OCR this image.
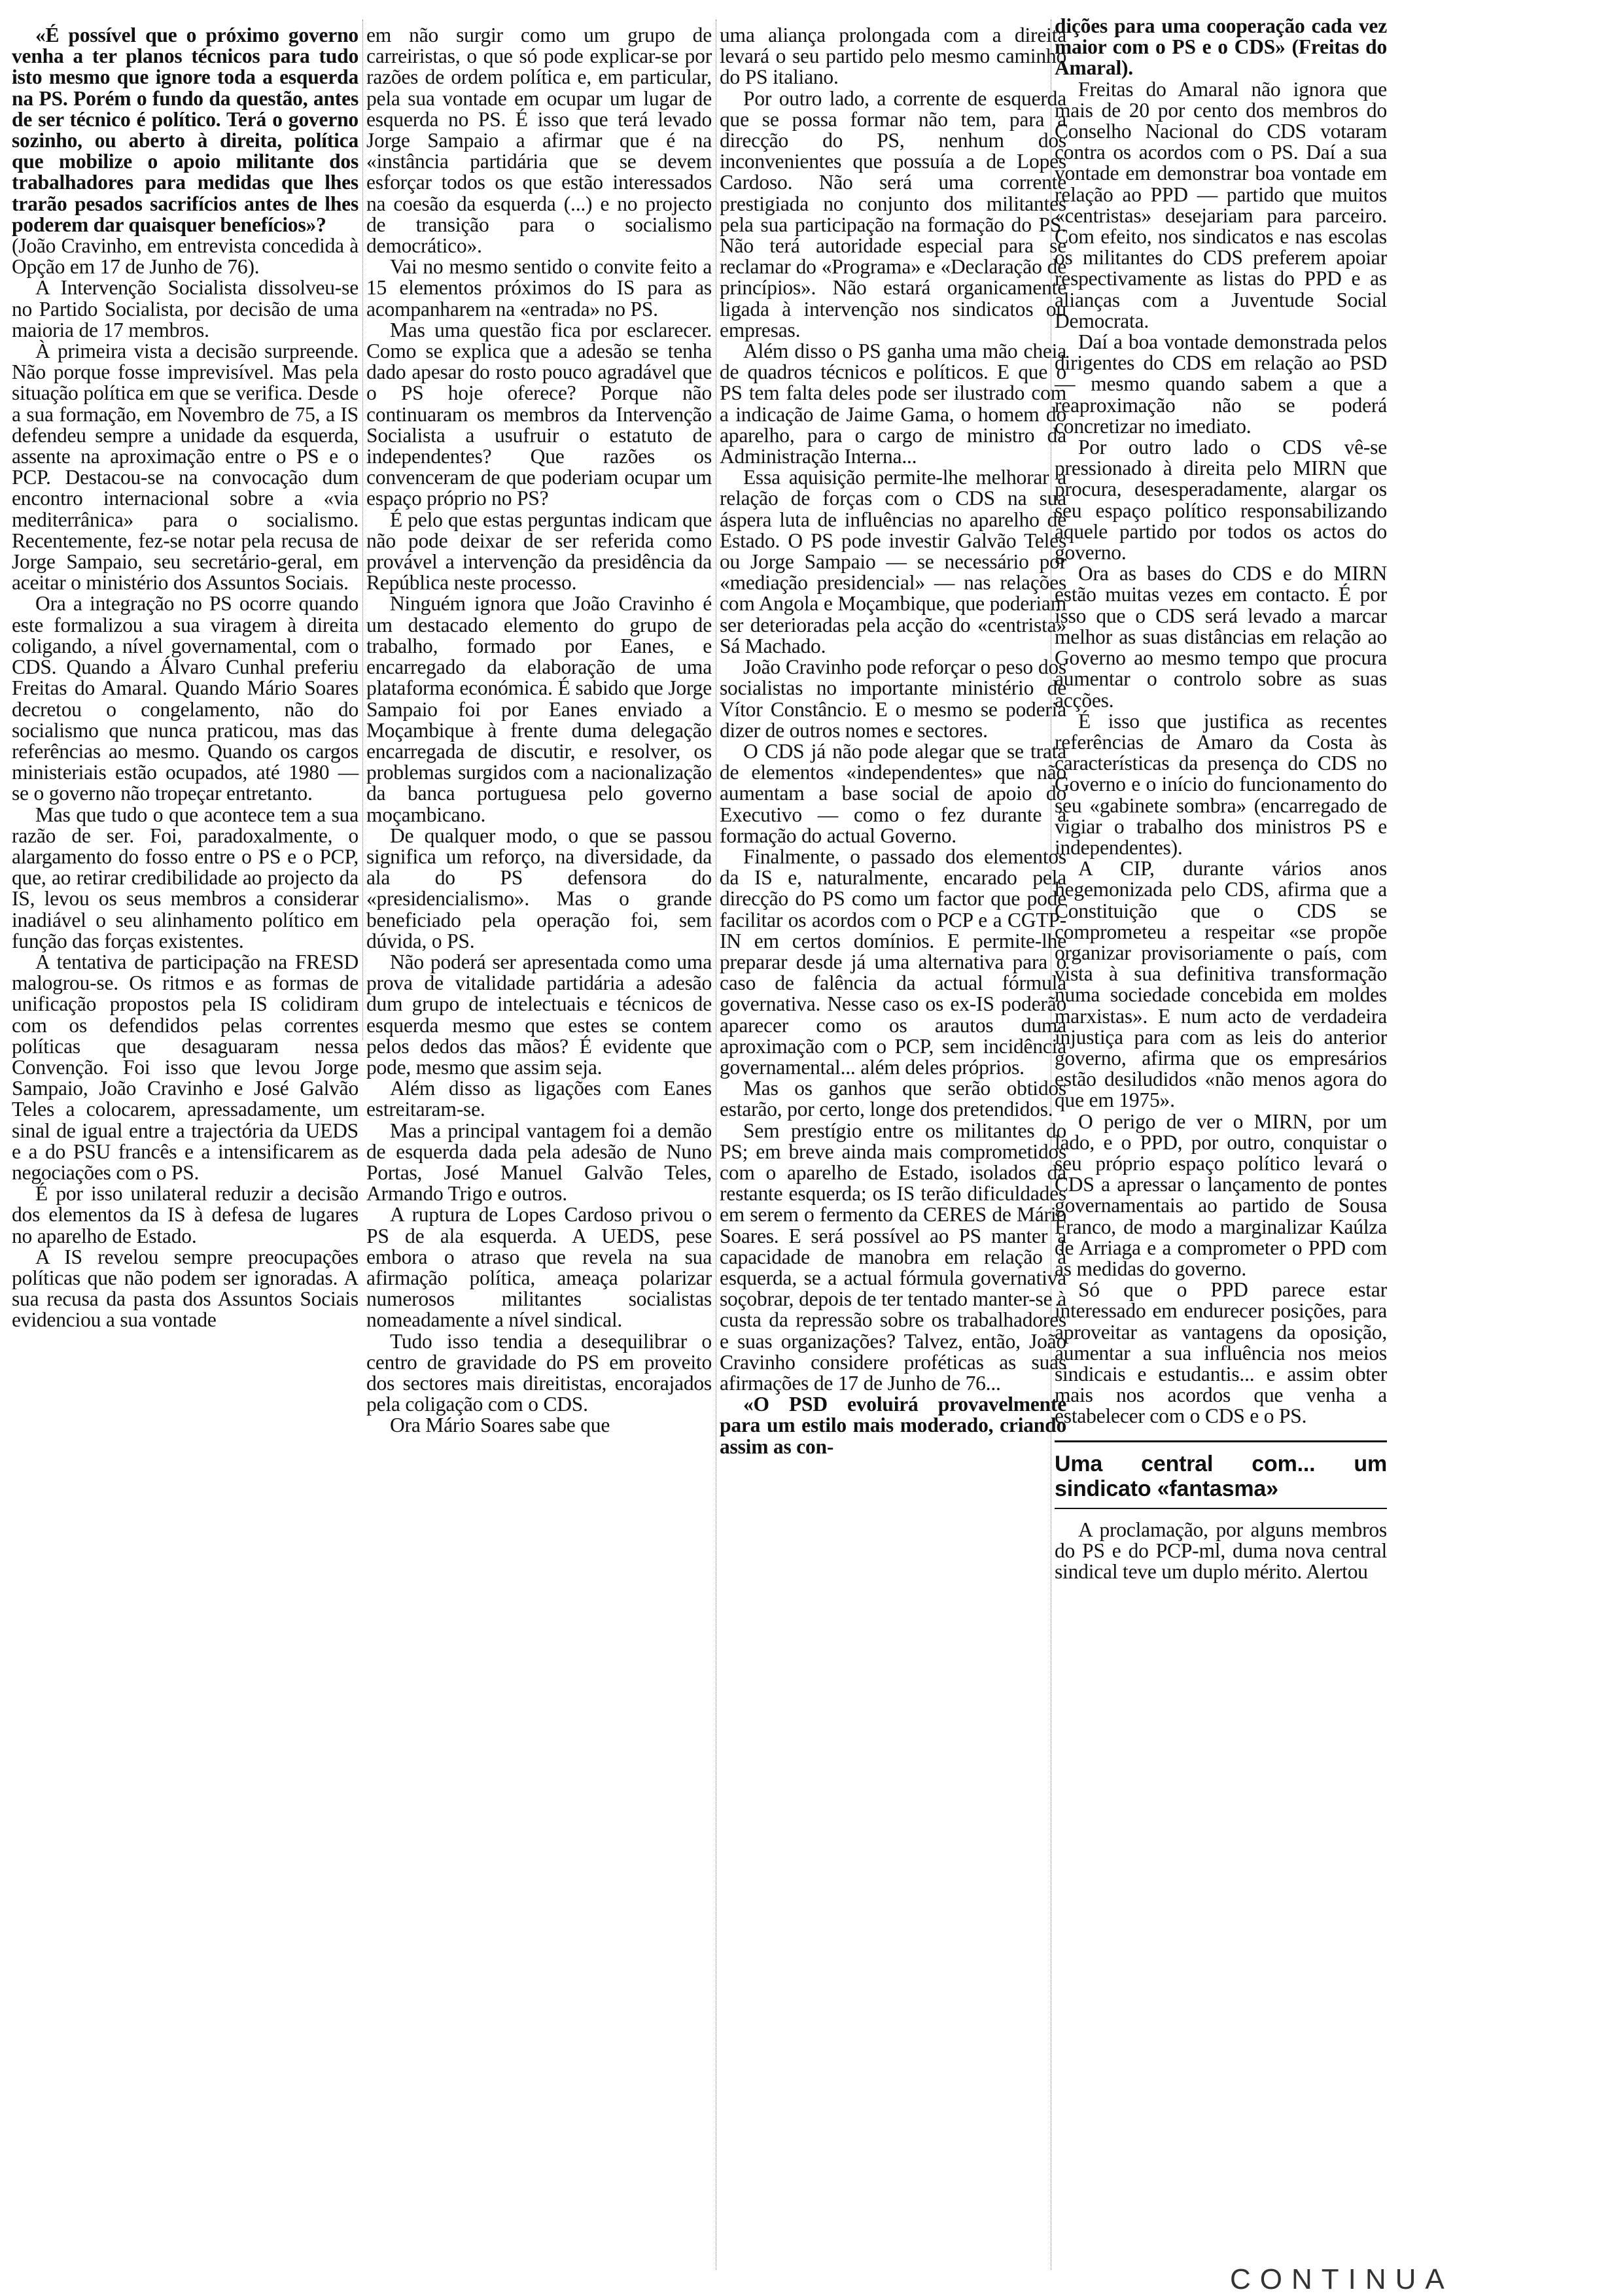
«É possível que o próximo governo venha a ter planos técnicos para tudo isto mesmo que ignore toda a esquerda na PS. Porém o fundo da questão, antes de ser técnico é político. Terá o governo sozinho, ou aberto à direita, política que mobilize o apoio militante dos trabalhadores para medidas que lhes trarão pesados sacrifícios antes de lhes poderem dar quaisquer benefícios»?

(João Cravinho, em entrevista concedida à Opção em 17 de Junho de 76).

A Intervenção Socialista dissolveu-se no Partido Socialista, por decisão de uma maioria de 17 membros.

À primeira vista a decisão surpreende. Não porque fosse imprevisível. Mas pela situação política em que se verifica. Desde a sua formação, em Novembro de 75, a IS defendeu sempre a unidade da esquerda, assente na aproximação entre o PS e o PCP. Destacou-se na convocação dum encontro internacional sobre a «via mediterrânica» para o socialismo. Recentemente, fez-se notar pela recusa de Jorge Sampaio, seu secretário-geral, em aceitar o ministério dos Assuntos Sociais.

Ora a integração no PS ocorre quando este formalizou a sua viragem à direita coligando, a nível governamental, com o CDS. Quando a Álvaro Cunhal preferiu Freitas do Amaral. Quando Mário Soares decretou o congelamento, não do socialismo que nunca praticou, mas das referências ao mesmo. Quando os cargos ministeriais estão ocupados, até 1980 — se o governo não tropeçar entretanto.

Mas que tudo o que acontece tem a sua razão de ser. Foi, paradoxalmente, o alargamento do fosso entre o PS e o PCP, que, ao retirar credibilidade ao projecto da IS, levou os seus membros a considerar inadiável o seu alinhamento político em função das forças existentes.

A tentativa de participação na FRESD malogrou-se. Os ritmos e as formas de unificação propostos pela IS colidiram com os defendidos pelas correntes políticas que desaguaram nessa Convenção. Foi isso que levou Jorge Sampaio, João Cravinho e José Galvão Teles a colocarem, apressadamente, um sinal de igual entre a trajectória da UEDS e a do PSU francês e a intensificarem as negociações com o PS.

É por isso unilateral reduzir a decisão dos elementos da IS à defesa de lugares no aparelho de Estado.

A IS revelou sempre preocupações políticas que não podem ser ignoradas. A sua recusa da pasta dos Assuntos Sociais evidenciou a sua vontade

em não surgir como um grupo de carreiristas, o que só pode explicar-se por razões de ordem política e, em particular, pela sua vontade em ocupar um lugar de esquerda no PS. É isso que terá levado Jorge Sampaio a afirmar que é na «instância partidária que se devem esforçar todos os que estão interessados na coesão da esquerda (...) e no projecto de transição para o socialismo democrático».

Vai no mesmo sentido o convite feito a 15 elementos próximos do IS para as acompanharem na «entrada» no PS.

Mas uma questão fica por esclarecer. Como se explica que a adesão se tenha dado apesar do rosto pouco agradável que o PS hoje oferece? Porque não continuaram os membros da Intervenção Socialista a usufruir o estatuto de independentes? Que razões os convenceram de que poderiam ocupar um espaço próprio no PS?

É pelo que estas perguntas indicam que não pode deixar de ser referida como provável a intervenção da presidência da República neste processo.

Ninguém ignora que João Cravinho é um destacado elemento do grupo de trabalho, formado por Eanes, e encarregado da elaboração de uma plataforma económica. É sabido que Jorge Sampaio foi por Eanes enviado a Moçambique à frente duma delegação encarregada de discutir, e resolver, os problemas surgidos com a nacionalização da banca portuguesa pelo governo moçambicano.

De qualquer modo, o que se passou significa um reforço, na diversidade, da ala do PS defensora do «presidencialismo». Mas o grande beneficiado pela operação foi, sem dúvida, o PS.

Não poderá ser apresentada como uma prova de vitalidade partidária a adesão dum grupo de intelectuais e técnicos de esquerda mesmo que estes se contem pelos dedos das mãos? É evidente que pode, mesmo que assim seja.

Além disso as ligações com Eanes estreitaram-se.

Mas a principal vantagem foi a demão de esquerda dada pela adesão de Nuno Portas, José Manuel Galvão Teles, Armando Trigo e outros.

A ruptura de Lopes Cardoso privou o PS de ala esquerda. A UEDS, pese embora o atraso que revela na sua afirmação política, ameaça polarizar numerosos militantes socialistas nomeadamente a nível sindical.

Tudo isso tendia a desequilibrar o centro de gravidade do PS em proveito dos sectores mais direitistas, encorajados pela coligação com o CDS.

Ora Mário Soares sabe que

uma aliança prolongada com a direita levará o seu partido pelo mesmo caminho do PS italiano.

Por outro lado, a corrente de esquerda que se possa formar não tem, para a direcção do PS, nenhum dos inconvenientes que possuía a de Lopes Cardoso. Não será uma corrente prestigiada no conjunto dos militantes pela sua participação na formação do PS. Não terá autoridade especial para se reclamar do «Programa» e «Declaração de princípios». Não estará organicamente ligada à intervenção nos sindicatos ou empresas.

Além disso o PS ganha uma mão cheia de quadros técnicos e políticos. E que o PS tem falta deles pode ser ilustrado com a indicação de Jaime Gama, o homem do aparelho, para o cargo de ministro da Administração Interna...

Essa aquisição permite-lhe melhorar a relação de forças com o CDS na sua áspera luta de influências no aparelho de Estado. O PS pode investir Galvão Teles ou Jorge Sampaio — se necessário por «mediação presidencial» — nas relações com Angola e Moçambique, que poderiam ser deterioradas pela acção do «centrista» Sá Machado.

João Cravinho pode reforçar o peso dos socialistas no importante ministério de Vítor Constâncio. E o mesmo se poderia dizer de outros nomes e sectores.

O CDS já não pode alegar que se trata de elementos «independentes» que não aumentam a base social de apoio do Executivo — como o fez durante a formação do actual Governo.

Finalmente, o passado dos elementos da IS e, naturalmente, encarado pela direcção do PS como um factor que pode facilitar os acordos com o PCP e a CGTP-IN em certos domínios. E permite-lhe preparar desde já uma alternativa para o caso de falência da actual fórmula governativa. Nesse caso os ex-IS poderão aparecer como os arautos duma aproximação com o PCP, sem incidência governamental... além deles próprios.

Mas os ganhos que serão obtidos estarão, por certo, longe dos pretendidos.

Sem prestígio entre os militantes do PS; em breve ainda mais comprometidos com o aparelho de Estado, isolados da restante esquerda; os IS terão dificuldades em serem o fermento da CERES de Mário Soares. E será possível ao PS manter a capacidade de manobra em relação à esquerda, se a actual fórmula governativa soçobrar, depois de ter tentado manter-se à custa da repressão sobre os trabalhadores e suas organizações? Talvez, então, João Cravinho considere proféticas as suas afirmações de 17 de Junho de 76...

«O PSD evoluirá provavelmente para um estilo mais moderado, criando assim as con-

dições para uma cooperação cada vez maior com o PS e o CDS» (Freitas do Amaral).

Freitas do Amaral não ignora que mais de 20 por cento dos membros do Conselho Nacional do CDS votaram contra os acordos com o PS. Daí a sua vontade em demonstrar boa vontade em relação ao PPD — partido que muitos «centristas» desejariam para parceiro. Com efeito, nos sindicatos e nas escolas os militantes do CDS preferem apoiar respectivamente as listas do PPD e as alianças com a Juventude Social Democrata.

Daí a boa vontade demonstrada pelos dirigentes do CDS em relação ao PSD — mesmo quando sabem a que a reaproximação não se poderá concretizar no imediato.

Por outro lado o CDS vê-se pressionado à direita pelo MIRN que procura, desesperadamente, alargar os seu espaço político responsabilizando aquele partido por todos os actos do governo.

Ora as bases do CDS e do MIRN estão muitas vezes em contacto. É por isso que o CDS será levado a marcar melhor as suas distâncias em relação ao Governo ao mesmo tempo que procura aumentar o controlo sobre as suas acções.

É isso que justifica as recentes referências de Amaro da Costa às características da presença do CDS no Governo e o início do funcionamento do seu «gabinete sombra» (encarregado de vigiar o trabalho dos ministros PS e independentes).

A CIP, durante vários anos hegemonizada pelo CDS, afirma que a Constituição que o CDS se comprometeu a respeitar «se propõe organizar provisoriamente o país, com vista à sua definitiva transformação numa sociedade concebida em moldes marxistas». E num acto de verdadeira injustiça para com as leis do anterior governo, afirma que os empresários estão desiludidos «não menos agora do que em 1975».

O perigo de ver o MIRN, por um lado, e o PPD, por outro, conquistar o seu próprio espaço político levará o CDS a apressar o lançamento de pontes governamentais ao partido de Sousa Franco, de modo a marginalizar Kaúlza de Arriaga e a comprometer o PPD com as medidas do governo.

Só que o PPD parece estar interessado em endurecer posições, para aproveitar as vantagens da oposição, aumentar a sua influência nos meios sindicais e estudantis... e assim obter mais nos acordos que venha a estabelecer com o CDS e o PS.

Uma central com... um sindicato «fantasma»

A proclamação, por alguns membros do PS e do PCP-ml, duma nova central sindical teve um duplo mérito. Alertou

CONTINUA
